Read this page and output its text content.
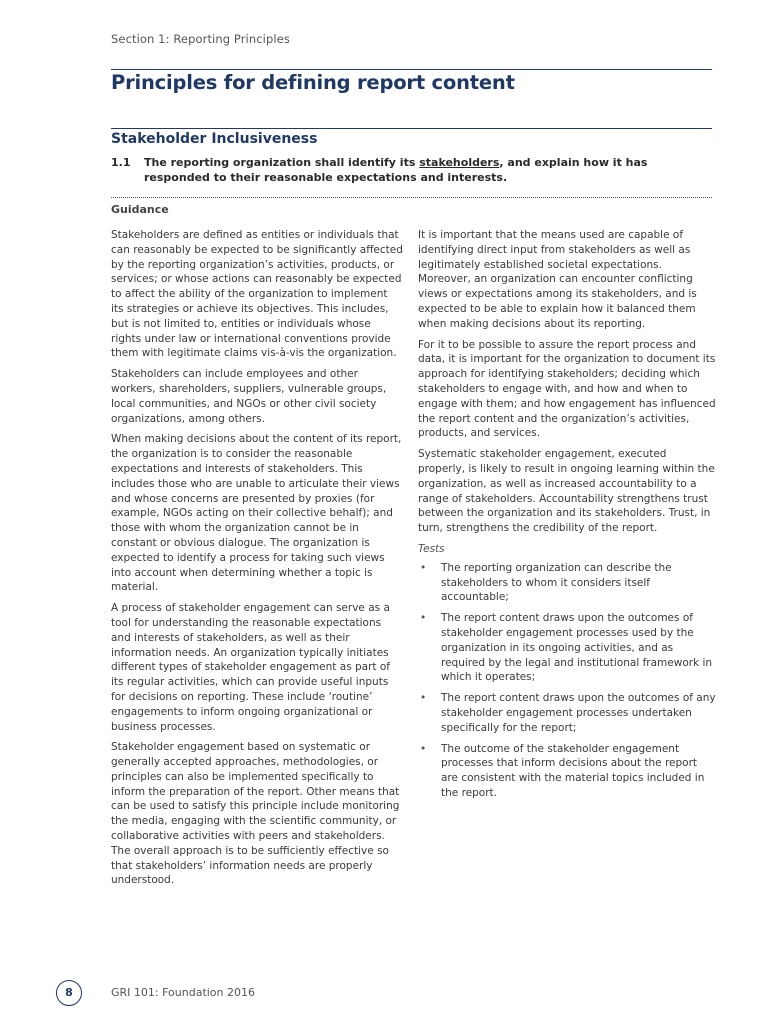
Section 1: Reporting Principles
Principles for defining report content
Stakeholder Inclusiveness
1.1 The reporting organization shall identify its stakeholders, and explain how it has responded to their reasonable expectations and interests.
Guidance

Stakeholders are defined as entities or individuals that can reasonably be expected to be significantly affected by the reporting organization’s activities, products, or services; or whose actions can reasonably be expected to affect the ability of the organization to implement its strategies or achieve its objectives. This includes, but is not limited to, entities or individuals whose rights under law or international conventions provide them with legitimate claims vis-à-vis the organization.

Stakeholders can include employees and other workers, shareholders, suppliers, vulnerable groups, local communities, and NGOs or other civil society organizations, among others.

When making decisions about the content of its report, the organization is to consider the reasonable expectations and interests of stakeholders. This includes those who are unable to articulate their views and whose concerns are presented by proxies (for example, NGOs acting on their collective behalf); and those with whom the organization cannot be in constant or obvious dialogue. The organization is expected to identify a process for taking such views into account when determining whether a topic is material.

A process of stakeholder engagement can serve as a tool for understanding the reasonable expectations and interests of stakeholders, as well as their information needs. An organization typically initiates different types of stakeholder engagement as part of its regular activities, which can provide useful inputs for decisions on reporting. These include ‘routine’ engagements to inform ongoing organizational or business processes.

Stakeholder engagement based on systematic or generally accepted approaches, methodologies, or principles can also be implemented specifically to inform the preparation of the report. Other means that can be used to satisfy this principle include monitoring the media, engaging with the scientific community, or collaborative activities with peers and stakeholders. The overall approach is to be sufficiently effective so that stakeholders’ information needs are properly understood.

It is important that the means used are capable of identifying direct input from stakeholders as well as legitimately established societal expectations. Moreover, an organization can encounter conflicting views or expectations among its stakeholders, and is expected to be able to explain how it balanced them when making decisions about its reporting.

For it to be possible to assure the report process and data, it is important for the organization to document its approach for identifying stakeholders; deciding which stakeholders to engage with, and how and when to engage with them; and how engagement has influenced the report content and the organization’s activities, products, and services.

Systematic stakeholder engagement, executed properly, is likely to result in ongoing learning within the organization, as well as increased accountability to a range of stakeholders. Accountability strengthens trust between the organization and its stakeholders. Trust, in turn, strengthens the credibility of the report.

Tests

• The reporting organization can describe the stakeholders to whom it considers itself accountable;
• The report content draws upon the outcomes of stakeholder engagement processes used by the organization in its ongoing activities, and as required by the legal and institutional framework in which it operates;
• The report content draws upon the outcomes of any stakeholder engagement processes undertaken specifically for the report;
• The outcome of the stakeholder engagement processes that inform decisions about the report are consistent with the material topics included in the report.
8	GRI 101: Foundation 2016
